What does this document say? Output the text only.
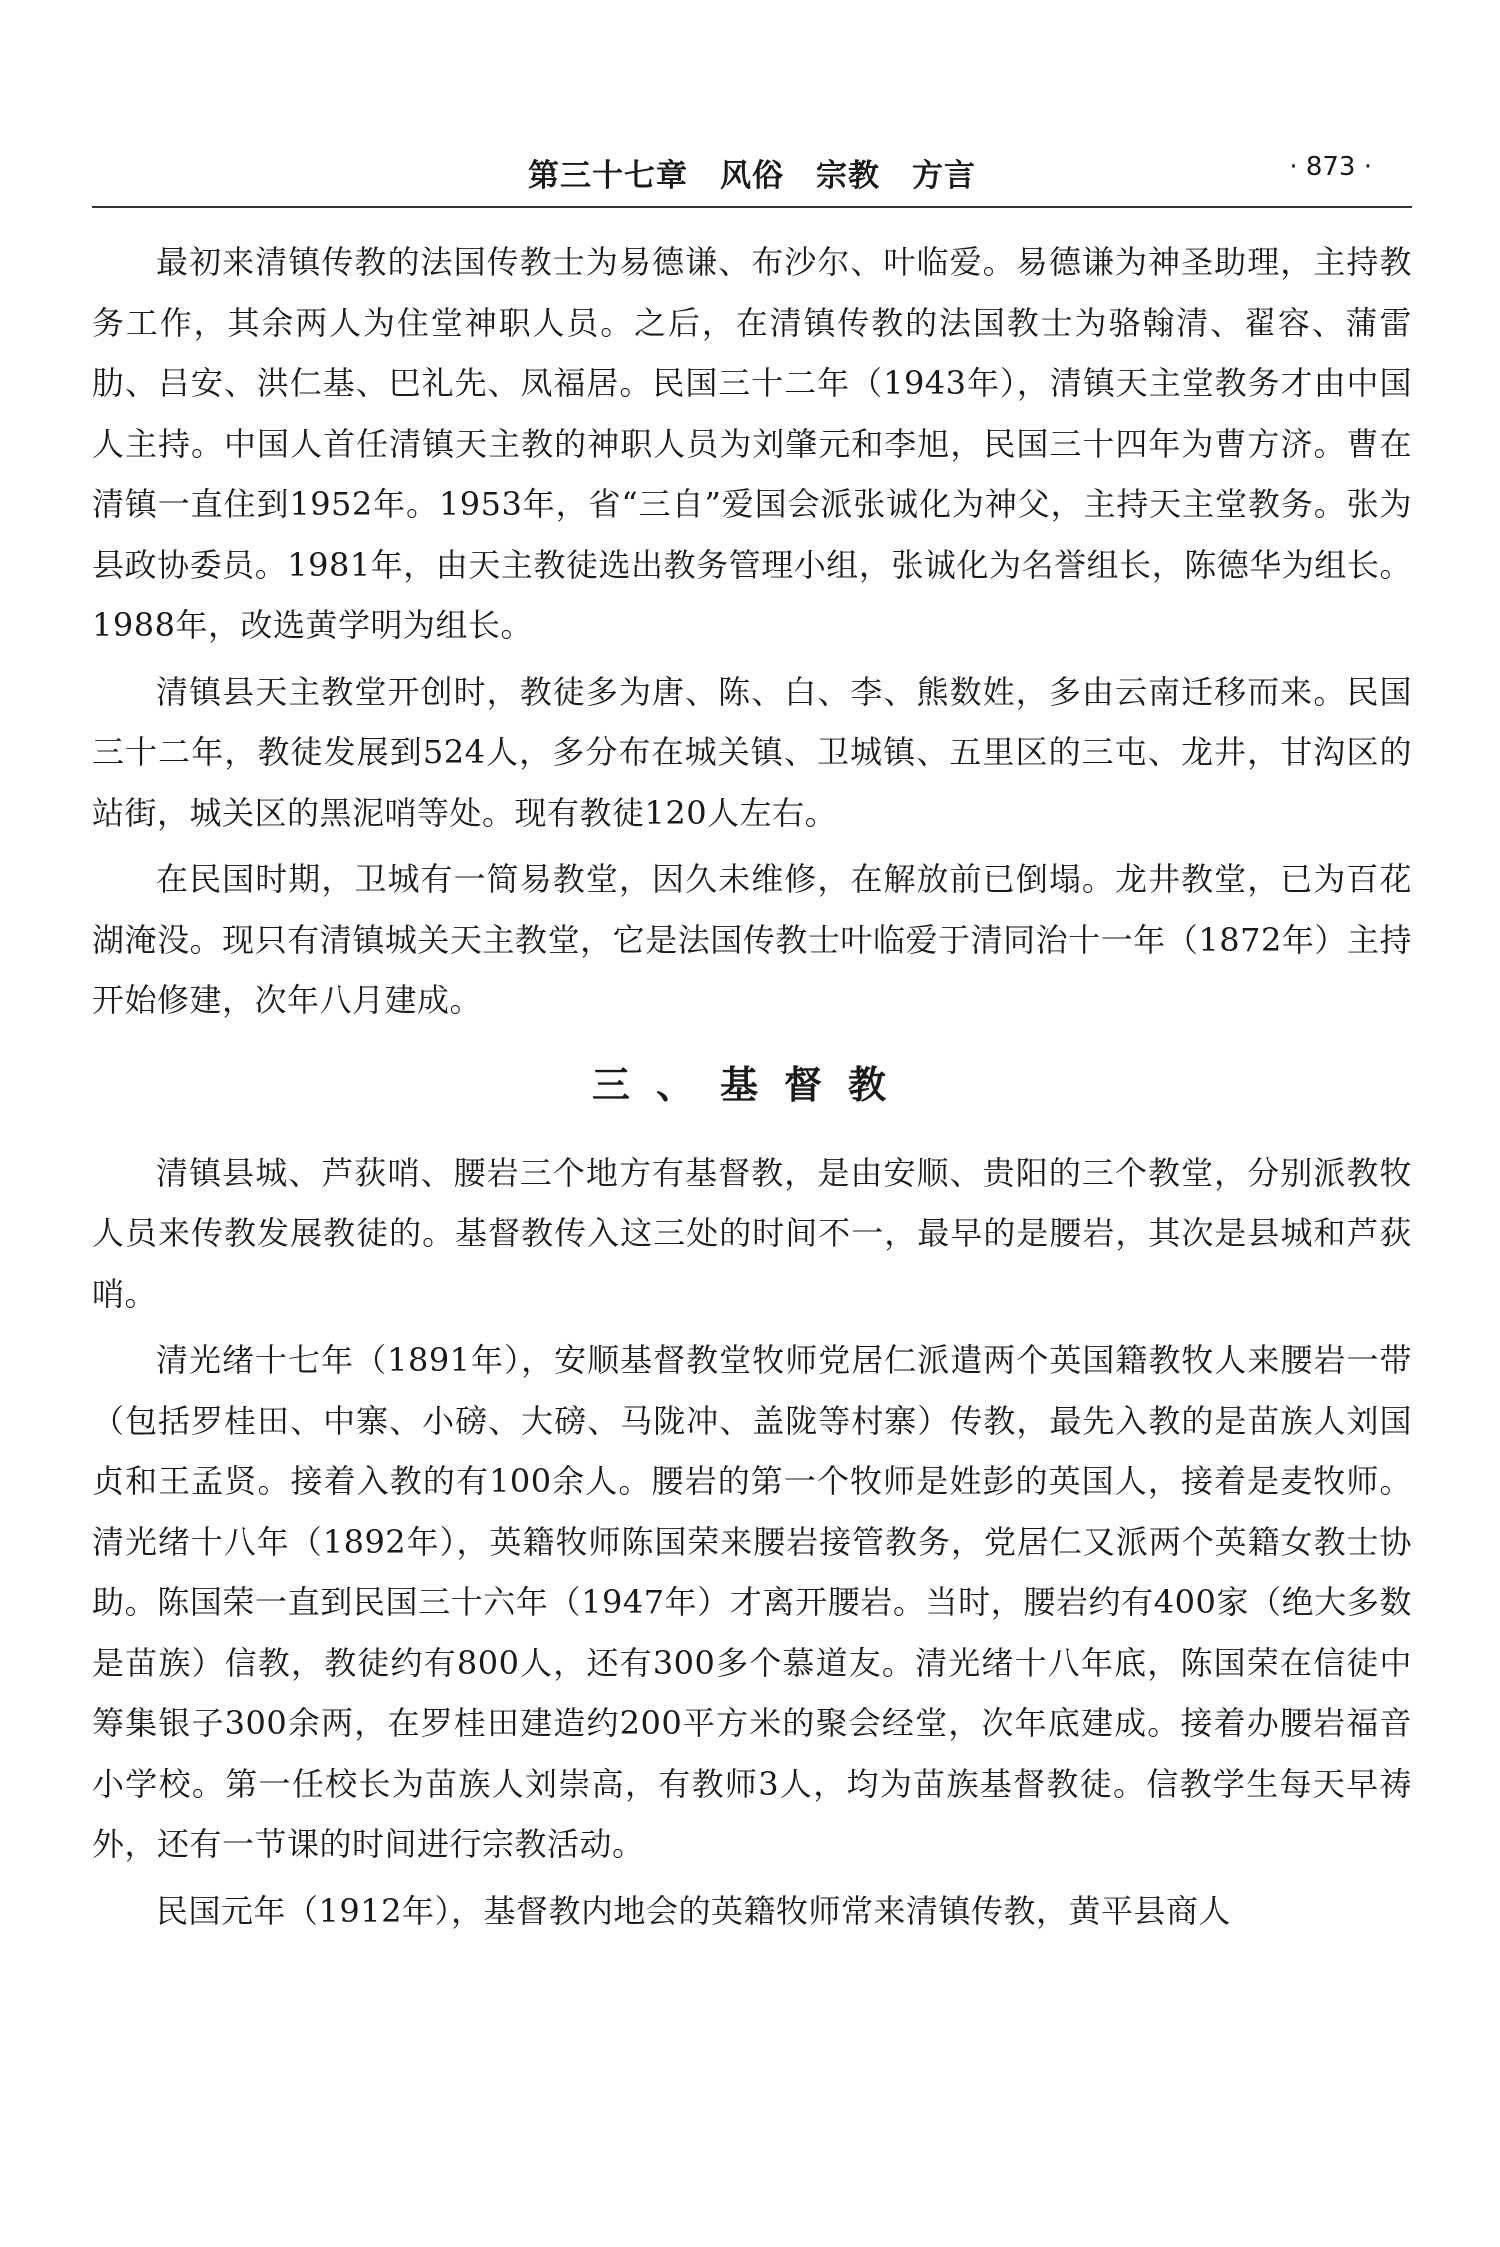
第三十七章　风俗　宗教　方言	· 873 ·

最初来清镇传教的法国传教士为易德谦、布沙尔、叶临爱。易德谦为神圣助理，主持教务工作，其余两人为住堂神职人员。之后，在清镇传教的法国教士为骆翰清、翟容、蒲雷肋、吕安、洪仁基、巴礼先、凤福居。民国三十二年（1943年），清镇天主堂教务才由中国人主持。中国人首任清镇天主教的神职人员为刘肇元和李旭，民国三十四年为曹方济。曹在清镇一直住到1952年。1953年，省“三自”爱国会派张诚化为神父，主持天主堂教务。张为县政协委员。1981年，由天主教徒选出教务管理小组，张诚化为名誉组长，陈德华为组长。1988年，改选黄学明为组长。

清镇县天主教堂开创时，教徒多为唐、陈、白、李、熊数姓，多由云南迁移而来。民国三十二年，教徒发展到524人，多分布在城关镇、卫城镇、五里区的三屯、龙井，甘沟区的站街，城关区的黑泥哨等处。现有教徒120人左右。

在民国时期，卫城有一简易教堂，因久未维修，在解放前已倒塌。龙井教堂，已为百花湖淹没。现只有清镇城关天主教堂，它是法国传教士叶临爱于清同治十一年（1872年）主持开始修建，次年八月建成。

三、基督教

清镇县城、芦荻哨、腰岩三个地方有基督教，是由安顺、贵阳的三个教堂，分别派教牧人员来传教发展教徒的。基督教传入这三处的时间不一，最早的是腰岩，其次是县城和芦荻哨。

清光绪十七年（1891年），安顺基督教堂牧师党居仁派遣两个英国籍教牧人来腰岩一带（包括罗桂田、中寨、小磅、大磅、马陇冲、盖陇等村寨）传教，最先入教的是苗族人刘国贞和王孟贤。接着入教的有100余人。腰岩的第一个牧师是姓彭的英国人，接着是麦牧师。清光绪十八年（1892年），英籍牧师陈国荣来腰岩接管教务，党居仁又派两个英籍女教士协助。陈国荣一直到民国三十六年（1947年）才离开腰岩。当时，腰岩约有400家（绝大多数是苗族）信教，教徒约有800人，还有300多个慕道友。清光绪十八年底，陈国荣在信徒中筹集银子300余两，在罗桂田建造约200平方米的聚会经堂，次年底建成。接着办腰岩福音小学校。第一任校长为苗族人刘崇高，有教师3人，均为苗族基督教徒。信教学生每天早祷外，还有一节课的时间进行宗教活动。

民国元年（1912年），基督教内地会的英籍牧师常来清镇传教，黄平县商人
